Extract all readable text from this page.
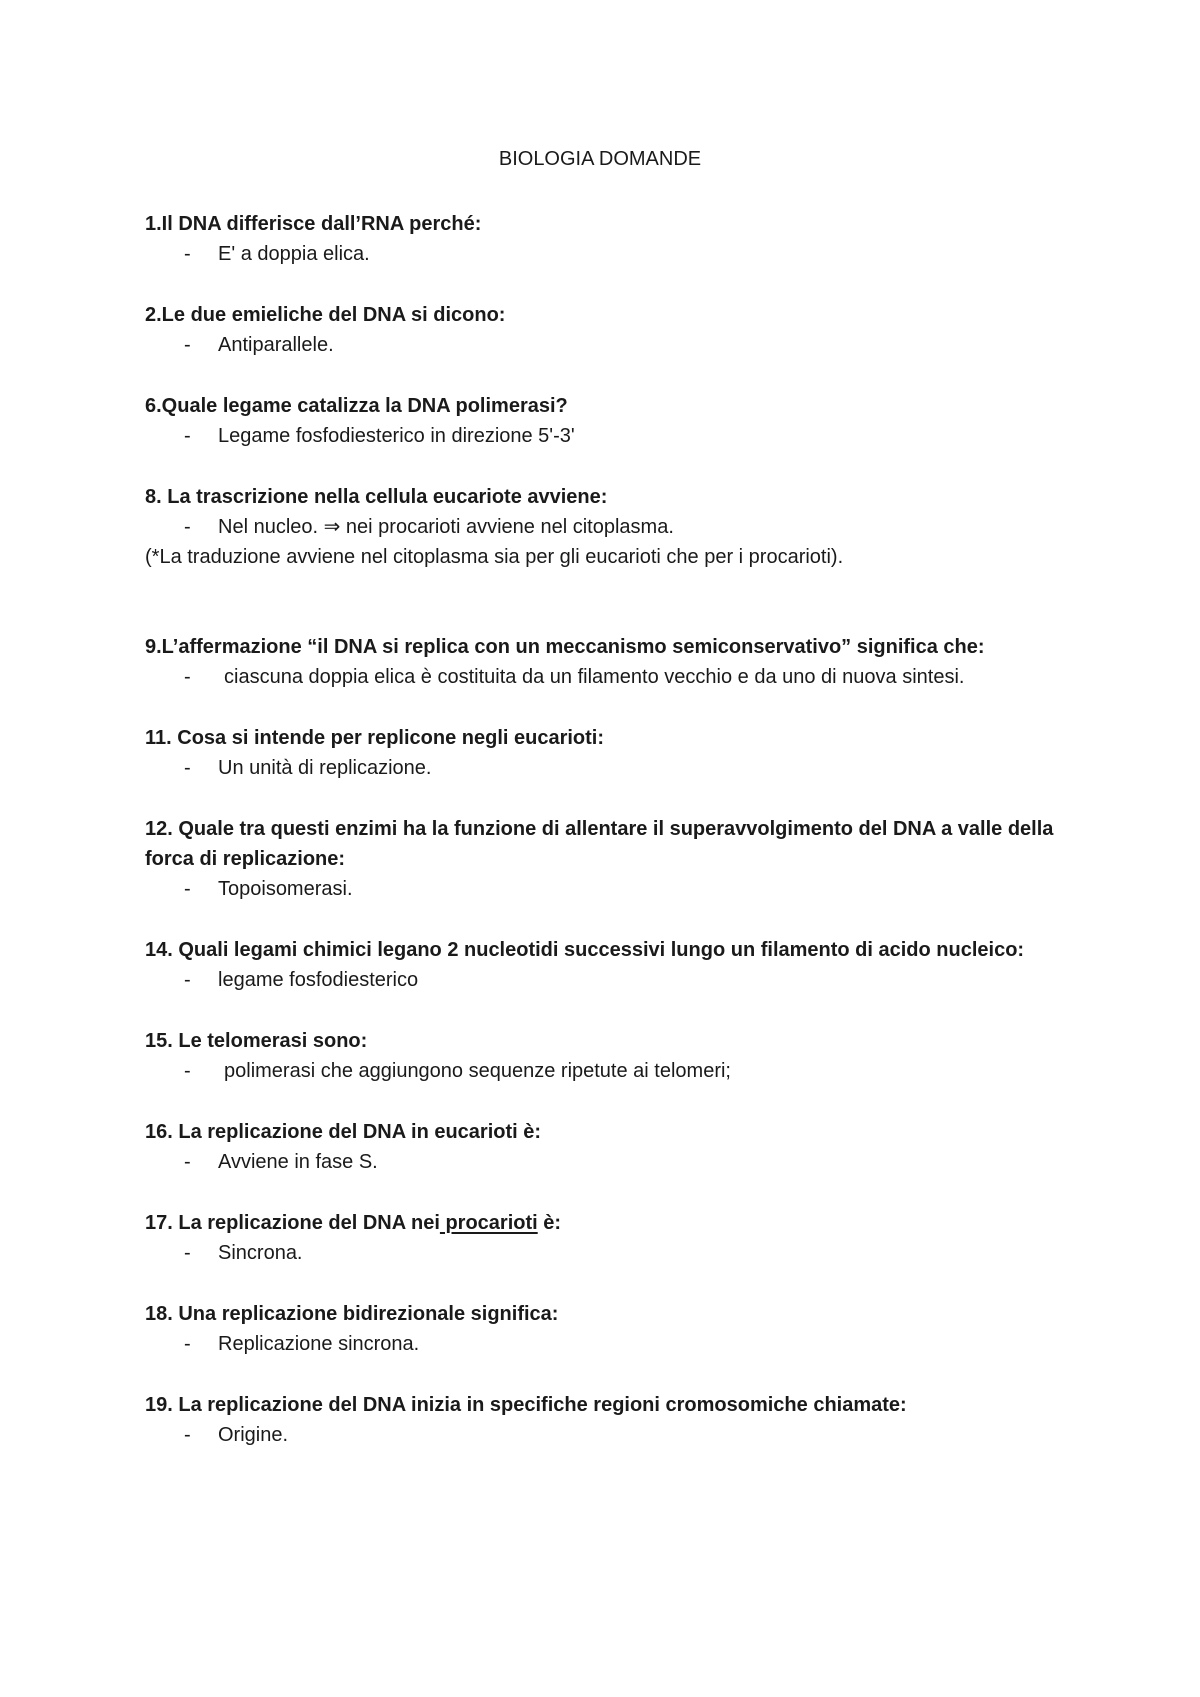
BIOLOGIA DOMANDE

1.Il DNA differisce dall’RNA perché:

- E' a doppia elica.

2.Le due emieliche del DNA si dicono:

- Antiparallele.

6.Quale legame catalizza la DNA polimerasi?

- Legame fosfodiesterico in direzione 5'-3'

8. La trascrizione nella cellula eucariote avviene:

- Nel nucleo. ⇒ nei procarioti avviene nel citoplasma.

(*La traduzione avviene nel citoplasma sia per gli eucarioti che per i procarioti).

9.L’affermazione “il DNA si replica con un meccanismo semiconservativo” significa che:

- ciascuna doppia elica è costituita da un filamento vecchio e da uno di nuova sintesi.

11. Cosa si intende per replicone negli eucarioti:

- Un unità di replicazione.

12. Quale tra questi enzimi ha la funzione di allentare il superavvolgimento del DNA a valle della forca di replicazione:

- Topoisomerasi.

14. Quali legami chimici legano 2 nucleotidi successivi lungo un filamento di acido nucleico:

- legame fosfodiesterico

15. Le telomerasi sono:

- polimerasi che aggiungono sequenze ripetute ai telomeri;

16. La replicazione del DNA in eucarioti è:

- Avviene in fase S.

17. La replicazione del DNA nei procarioti è:

- Sincrona.

18. Una replicazione bidirezionale significa:

- Replicazione sincrona.

19. La replicazione del DNA inizia in specifiche regioni cromosomiche chiamate:

- Origine.
